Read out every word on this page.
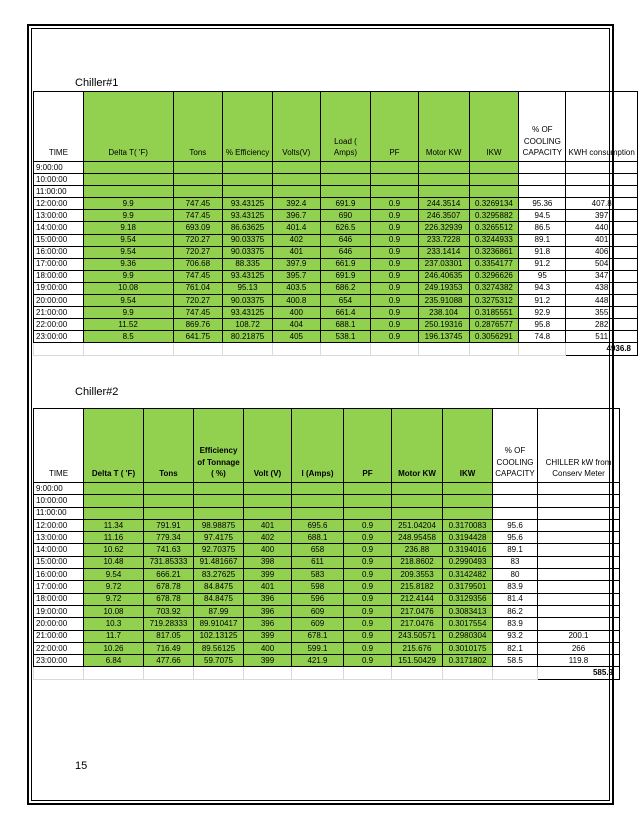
Chiller#1
TIME	Delta T( 'F)	Tons	% Efficiency	Volts(V)	Load ( Amps)	PF	Motor KW	IKW	% OF COOLING CAPACITY	KWH consumption
9:00:00										
10:00:00										
11:00:00										
12:00:00	9.9	747.45	93.43125	392.4	691.9	0.9	244.3514	0.3269134	95.36	407.8
13:00:00	9.9	747.45	93.43125	396.7	690	0.9	246.3507	0.3295882	94.5	397
14:00:00	9.18	693.09	86.63625	401.4	626.5	0.9	226.32939	0.3265512	86.5	440
15:00:00	9.54	720.27	90.03375	402	646	0.9	233.7228	0.3244933	89.1	401
16:00:00	9.54	720.27	90.03375	401	646	0.9	233.1414	0.3236861	91.8	406
17:00:00	9.36	706.68	88.335	397.9	661.9	0.9	237.03301	0.3354177	91.2	504
18:00:00	9.9	747.45	93.43125	395.7	691.9	0.9	246.40635	0.3296626	95	347
19:00:00	10.08	761.04	95.13	403.5	686.2	0.9	249.19353	0.3274382	94.3	438
20:00:00	9.54	720.27	90.03375	400.8	654	0.9	235.91088	0.3275312	91.2	448
21:00:00	9.9	747.45	93.43125	400	661.4	0.9	238.104	0.3185551	92.9	355
22:00:00	11.52	869.76	108.72	404	688.1	0.9	250.19316	0.2876577	95.8	282
23:00:00	8.5	641.75	80.21875	405	538.1	0.9	196.13745	0.3056291	74.8	511
										4936.8
Chiller#2
TIME	Delta T ( 'F)	Tons	Efficiency of Tonnage ( %)	Volt (V)	I (Amps)	PF	Motor KW	IKW	% OF COOLING CAPACITY	CHILLER kW from Conserv Meter
9:00:00										
10:00:00										
11:00:00										
12:00:00	11.34	791.91	98.98875	401	695.6	0.9	251.04204	0.3170083	95.6	
13:00:00	11.16	779.34	97.4175	402	688.1	0.9	248.95458	0.3194428	95.6	
14:00:00	10.62	741.63	92.70375	400	658	0.9	236.88	0.3194016	89.1	
15:00:00	10.48	731.85333	91.481667	398	611	0.9	218.8602	0.2990493	83	
16:00:00	9.54	666.21	83.27625	399	583	0.9	209.3553	0.3142482	80	
17:00:00	9.72	678.78	84.8475	401	598	0.9	215.8182	0.3179501	83.9	
18:00:00	9.72	678.78	84.8475	396	596	0.9	212.4144	0.3129356	81.4	
19:00:00	10.08	703.92	87.99	396	609	0.9	217.0476	0.3083413	86.2	
20:00:00	10.3	719.28333	89.910417	396	609	0.9	217.0476	0.3017554	83.9	
21:00:00	11.7	817.05	102.13125	399	678.1	0.9	243.50571	0.2980304	93.2	200.1
22:00:00	10.26	716.49	89.56125	400	599.1	0.9	215.676	0.3010175	82.1	266
23:00:00	6.84	477.66	59.7075	399	421.9	0.9	151.50429	0.3171802	58.5	119.8
										585.9
15
